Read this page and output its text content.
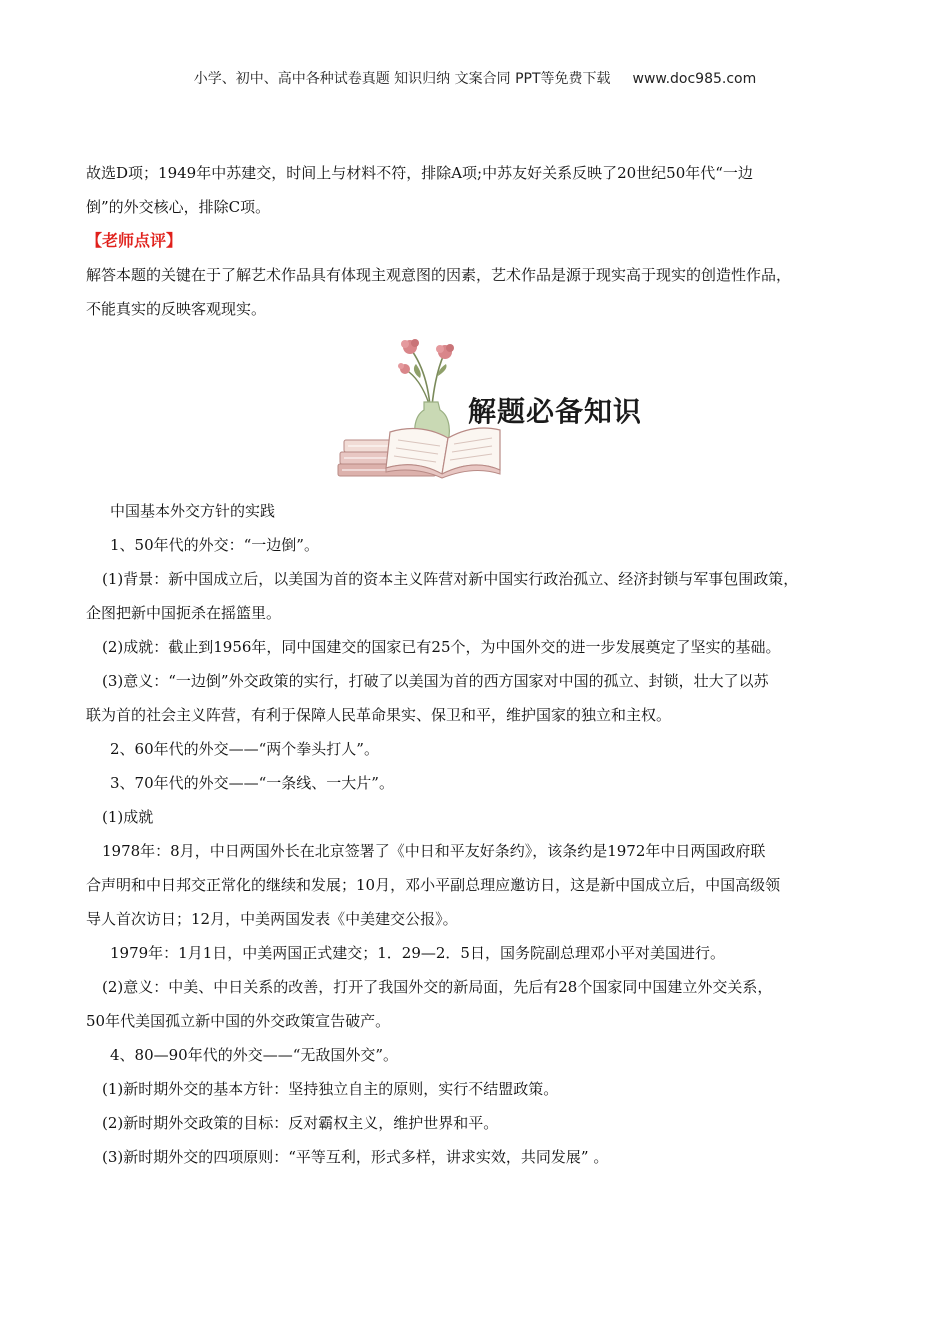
小学、初中、高中各种试卷真题 知识归纳 文案合同 PPT等免费下载 www.doc985.com
故选D项；1949年中苏建交，时间上与材料不符，排除A项;中苏友好关系反映了20世纪50年代“一边
倒”的外交核心，排除C项。
【老师点评】
解答本题的关键在于了解艺术作品具有体现主观意图的因素，艺术作品是源于现实高于现实的创造性作品，
不能真实的反映客观现实。
解题必备知识
中国基本外交方针的实践
1、50年代的外交：“一边倒”。
(1)背景：新中国成立后，以美国为首的资本主义阵营对新中国实行政治孤立、经济封锁与军事包围政策，
企图把新中国扼杀在摇篮里。
(2)成就：截止到1956年，同中国建交的国家已有25个，为中国外交的进一步发展奠定了坚实的基础。
(3)意义：“一边倒”外交政策的实行，打破了以美国为首的西方国家对中国的孤立、封锁，壮大了以苏
联为首的社会主义阵营，有利于保障人民革命果实、保卫和平，维护国家的独立和主权。
2、60年代的外交——“两个拳头打人”。
3、70年代的外交——“一条线、一大片”。
(1)成就
1978年：8月，中日两国外长在北京签署了《中日和平友好条约》，该条约是1972年中日两国政府联
合声明和中日邦交正常化的继续和发展；10月，邓小平副总理应邀访日，这是新中国成立后，中国高级领
导人首次访日；12月，中美两国发表《中美建交公报》。
1979年：1月1日，中美两国正式建交；1．29—2．5日，国务院副总理邓小平对美国进行。
(2)意义：中美、中日关系的改善，打开了我国外交的新局面，先后有28个国家同中国建立外交关系，
50年代美国孤立新中国的外交政策宣告破产。
4、80—90年代的外交——“无敌国外交”。
(1)新时期外交的基本方针：坚持独立自主的原则，实行不结盟政策。
(2)新时期外交政策的目标：反对霸权主义，维护世界和平。
(3)新时期外交的四项原则：“平等互利，形式多样，讲求实效，共同发展” 。
